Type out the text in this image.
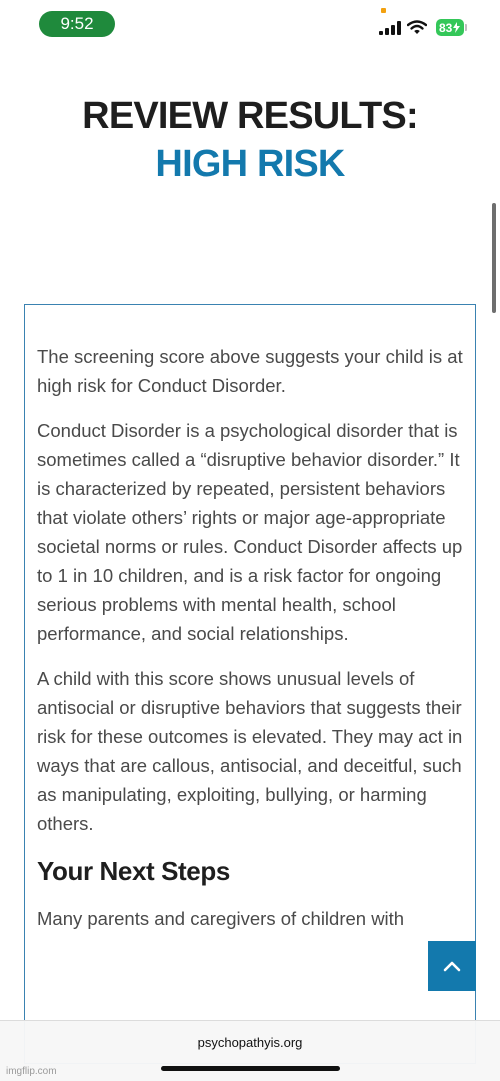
9:52	83
REVIEW RESULTS:
HIGH RISK

The screening score above suggests your child is at high risk for Conduct Disorder.

Conduct Disorder is a psychological disorder that is sometimes called a “disruptive behavior disorder.” It is characterized by repeated, persistent behaviors that violate others’ rights or major age-appropriate societal norms or rules. Conduct Disorder affects up to 1 in 10 children, and is a risk factor for ongoing serious problems with mental health, school performance, and social relationships.

A child with this score shows unusual levels of antisocial or disruptive behaviors that suggests their risk for these outcomes is elevated. They may act in ways that are callous, antisocial, and deceitful, such as manipulating, exploiting, bullying, or harming others.

Your Next Steps

Many parents and caregivers of children with

psychopathyis.org
imgflip.com
